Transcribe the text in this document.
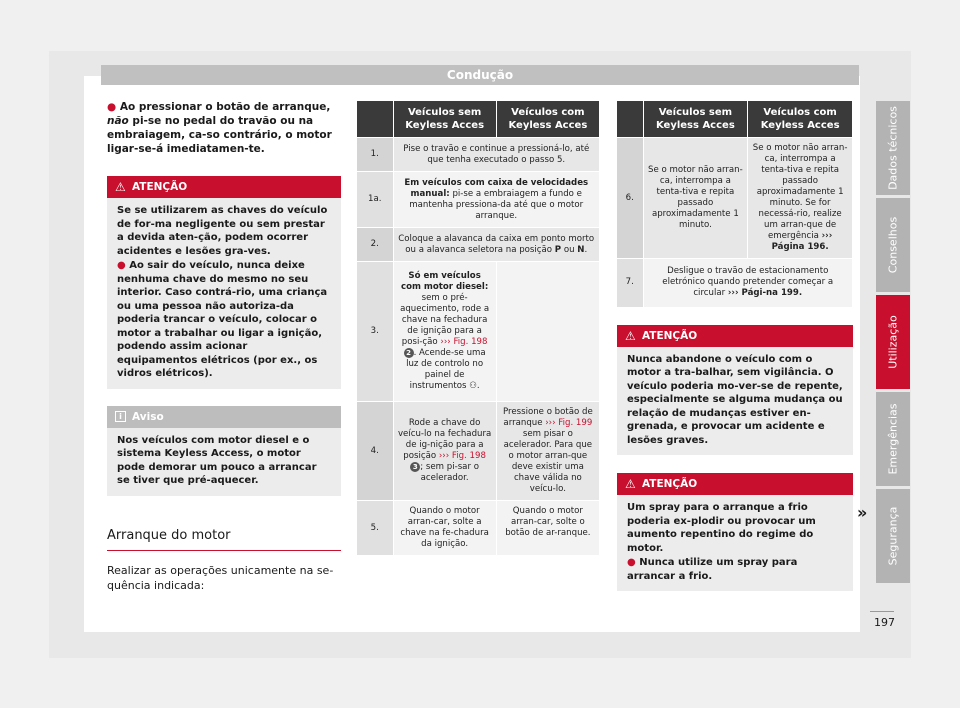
Condução
● Ao pressionar o botão de arranque, não pi-se no pedal do travão ou na embraiagem, ca-so contrário, o motor ligar-se-á imediatamen-te.
⚠ ATENÇÃO

Se se utilizarem as chaves do veículo de for-ma negligente ou sem prestar a devida aten-ção, podem ocorrer acidentes e lesões gra-ves.

● Ao sair do veículo, nunca deixe nenhuma chave do mesmo no seu interior. Caso contrá-rio, uma criança ou uma pessoa não autoriza-da poderia trancar o veículo, colocar o motor a trabalhar ou ligar a ignição, podendo assim acionar equipamentos elétricos (por ex., os vidros elétricos).

i Aviso

Nos veículos com motor diesel e o sistema Keyless Access, o motor pode demorar um pouco a arrancar se tiver que pré-aquecer.

Arranque do motor
Realizar as operações unicamente na se-quência indicada:
	Veículos sem Keyless Acces	Veículos com Keyless Acces
1.	Pise o travão e continue a pressioná-lo, até que tenha executado o passo 5.	
1a.	Em veículos com caixa de velocidades manual: pi-se a embraiagem a fundo e mantenha pressiona-da até que o motor arranque.	
2.	Coloque a alavanca da caixa em ponto morto ou a alavanca seletora na posição P ou N.	
3.	Só em veículos com motor diesel: sem o pré-aquecimento, rode a chave na fechadura de ignição para a posi-ção ››› Fig. 198 2 . Acende-se uma luz de controlo no painel de instrumentos ⚇.	
4.	Rode a chave do veícu-lo na fechadura de ig-nição para a posição ››› Fig. 198 3 ; sem pi-sar o acelerador.	Pressione o botão de arranque ››› Fig. 199 sem pisar o acelerador. Para que o motor arran-que deve existir uma chave válida no veícu-lo.
5.	Quando o motor arran-car, solte a chave na fe-chadura da ignição.	Quando o motor arran-car, solte o botão de ar-ranque.
	Veículos sem Keyless Acces	Veículos com Keyless Acces
6.	Se o motor não arran-ca, interrompa a tenta-tiva e repita passado aproximadamente 1 minuto.	Se o motor não arran-ca, interrompa a tenta-tiva e repita passado aproximadamente 1 minuto. Se for necessá-rio, realize um arran-que de emergência ››› Página 196.
7.	Desligue o travão de estacionamento eletrónico quando pretender começar a circular ››› Pági-na 199.	
⚠ ATENÇÃO

Nunca abandone o veículo com o motor a tra-balhar, sem vigilância. O veículo poderia mo-ver-se de repente, especialmente se alguma mudança ou relação de mudanças estiver en-grenada, e provocar um acidente e lesões graves.

⚠ ATENÇÃO

Um spray para o arranque a frio poderia ex-plodir ou provocar um aumento repentino do regime do motor.

● Nunca utilize um spray para arrancar a frio.

»
Dados técnicos
Conselhos
Utilização
Emergências
Segurança
197
